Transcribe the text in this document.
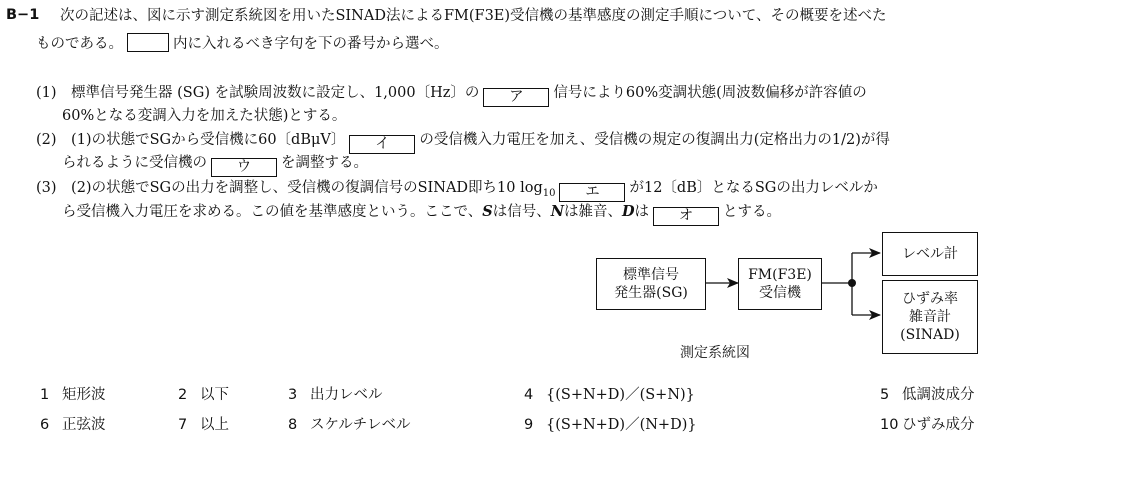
B−1 次の記述は、図に示す測定系統図を用いたSINAD法によるFM(F3E)受信機の基準感度の測定手順について、その概要を述べた
ものである。	内に入れるべき字句を下の番号から選べ。
(1)　標準信号発生器 (SG) を試験周波数に設定し、1,000〔Hz〕の ア 信号により60%変調状態(周波数偏移が許容値の
60%となる変調入力を加えた状態)とする。
(2)　(1)の状態でSGから受信機に60〔dBμV〕 イ の受信機入力電圧を加え、受信機の規定の復調出力(定格出力の1/2)が得
られるように受信機の ウ を調整する。
(3)　(2)の状態でSGの出力を調整し、受信機の復調信号のSINAD即ち10 $\log_{10}$ エ が12〔dB〕となるSGの出力レベルか
ら受信機入力電圧を求める。この値を基準感度という。ここで、Sは信号、Nは雑音、Dは オ とする。
標準信号
発生器(SG)
FM(F3E)
受信機
レベル計
ひずみ率
雑音計
(SINAD)
測定系統図
1 矩形波	2 以下	3 出力レベル	4 {(S+N+D)／(S+N)}	5 低調波成分
6 正弦波	7 以上	8 スケルチレベル	9 {(S+N+D)／(N+D)}	10 ひずみ成分
